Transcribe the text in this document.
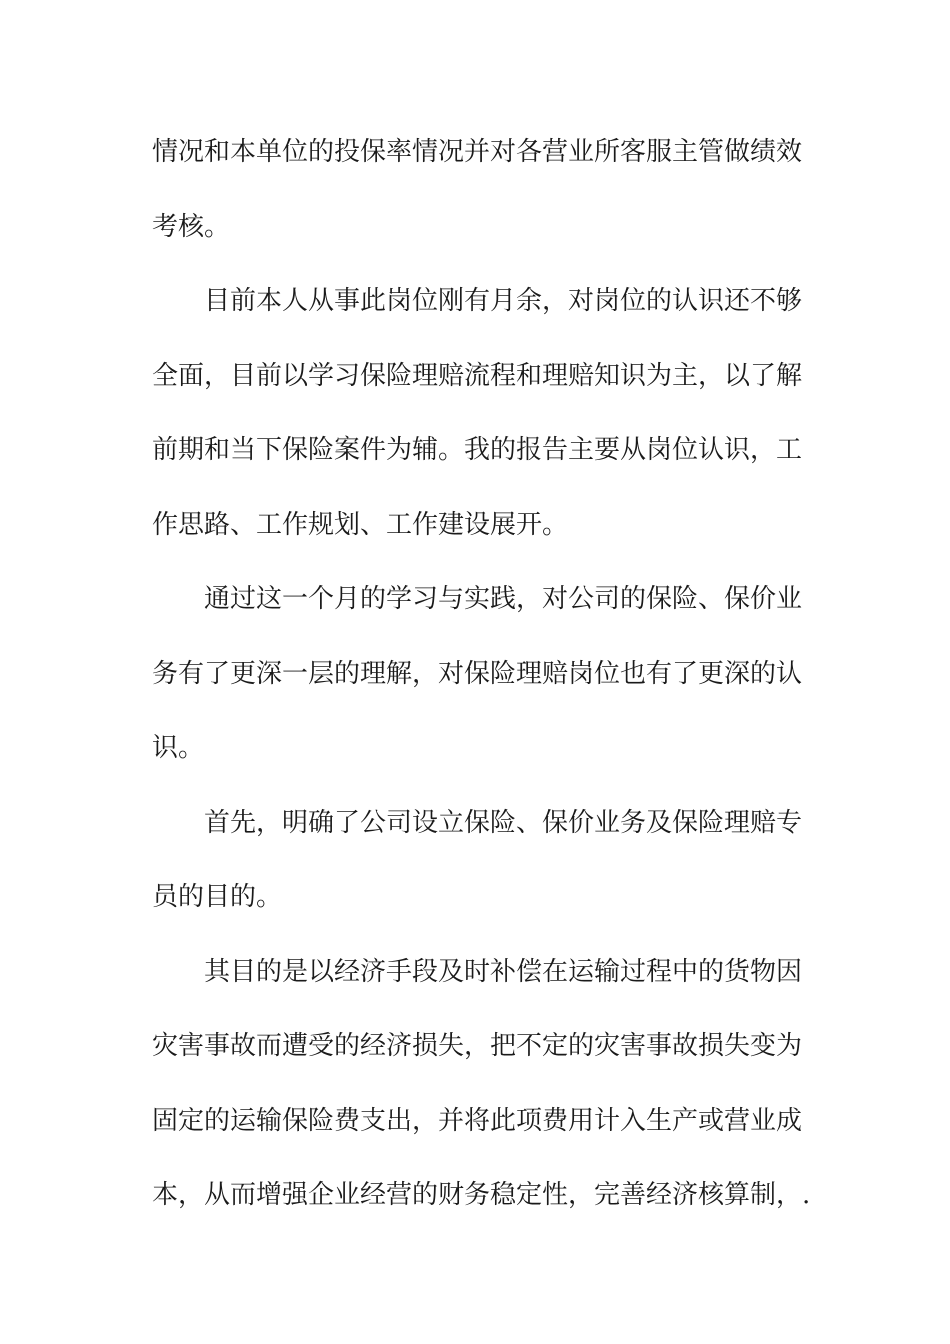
情况和本单位的投保率情况并对各营业所客服主管做绩效
考核。
目前本人从事此岗位刚有月余，对岗位的认识还不够
全面，目前以学习保险理赔流程和理赔知识为主，以了解
前期和当下保险案件为辅。我的报告主要从岗位认识，工
作思路、工作规划、工作建设展开。
通过这一个月的学习与实践，对公司的保险、保价业
务有了更深一层的理解，对保险理赔岗位也有了更深的认
识。
首先，明确了公司设立保险、保价业务及保险理赔专
员的目的。
其目的是以经济手段及时补偿在运输过程中的货物因
灾害事故而遭受的经济损失，把不定的灾害事故损失变为
固定的运输保险费支出，并将此项费用计入生产或营业成
本，从而增强企业经营的财务稳定性，完善经济核算制，.
